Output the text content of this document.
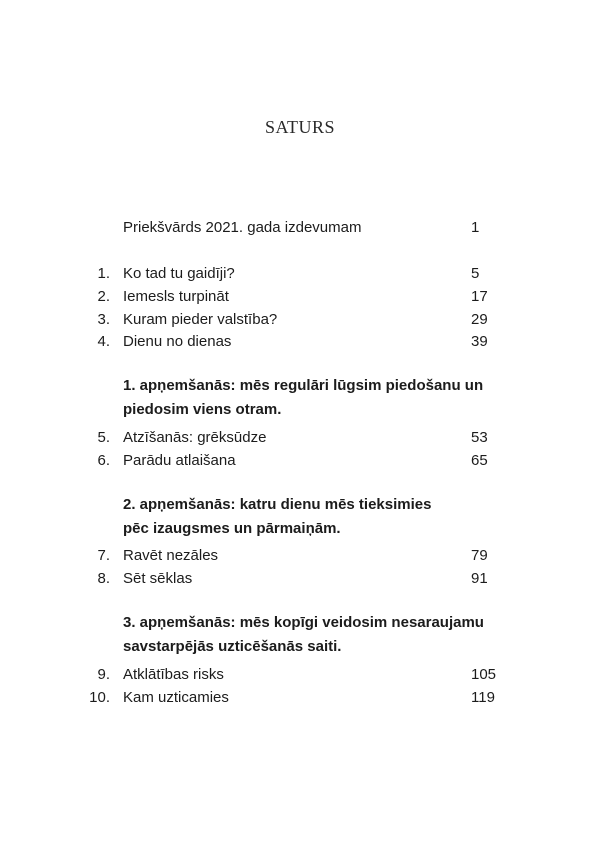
SATURS
Priekšvārds 2021. gada izdevumam	1
1. Ko tad tu gaidīji?	5
2. Iemesls turpināt	17
3. Kuram pieder valstība?	29
4. Dienu no dienas	39
1. apņemšanās: mēs regulāri lūgsim piedošanu un
piedosim viens otram.
5. Atzīšanās: grēksūdze	53
6. Parādu atlaišana	65
2. apņemšanās: katru dienu mēs tieksimies
pēc izaugsmes un pārmaiņām.
7. Ravēt nezāles	79
8. Sēt sēklas	91
3. apņemšanās: mēs kopīgi veidosim nesaraujamu
savstarpējās uzticēšanās saiti.
9. Atklātības risks	105
10. Kam uzticamies	119
